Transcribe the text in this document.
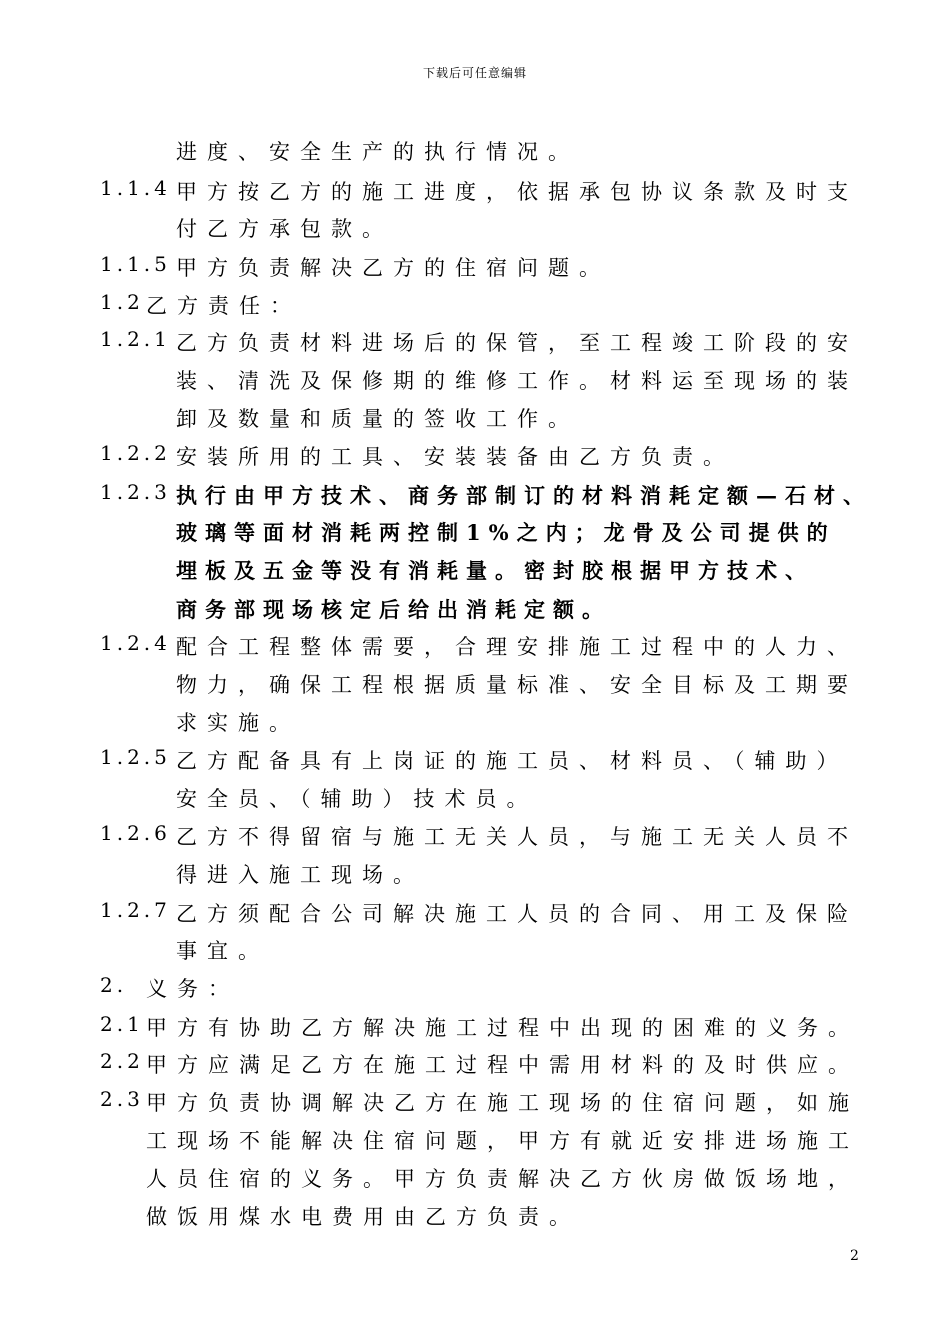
下载后可任意编辑
进度、安全生产的执行情况。
1.1.4 甲方按乙方的施工进度，依据承包协议条款及时支
付乙方承包款。
1.1.5 甲方负责解决乙方的住宿问题。
1.2 乙方责任：
1.2.1 乙方负责材料进场后的保管，至工程竣工阶段的安
装、清洗及保修期的维修工作。材料运至现场的装
卸及数量和质量的签收工作。
1.2.2 安装所用的工具、安装装备由乙方负责。
1.2.3 执行由甲方技术、商务部制订的材料消耗定额—石材、
玻璃等面材消耗两控制1%之内；龙骨及公司提供的
埋板及五金等没有消耗量。密封胶根据甲方技术、
商务部现场核定后给出消耗定额。
1.2.4 配合工程整体需要，合理安排施工过程中的人力、
物力，确保工程根据质量标准、安全目标及工期要
求实施。
1.2.5 乙方配备具有上岗证的施工员、材料员、（辅助）
安全员、（辅助）技术员。
1.2.6 乙方不得留宿与施工无关人员，与施工无关人员不
得进入施工现场。
1.2.7 乙方须配合公司解决施工人员的合同、用工及保险
事宜。
2. 义务：
2.1 甲方有协助乙方解决施工过程中出现的困难的义务。
2.2 甲方应满足乙方在施工过程中需用材料的及时供应。
2.3 甲方负责协调解决乙方在施工现场的住宿问题，如施
工现场不能解决住宿问题，甲方有就近安排进场施工
人员住宿的义务。甲方负责解决乙方伙房做饭场地，
做饭用煤水电费用由乙方负责。
2
